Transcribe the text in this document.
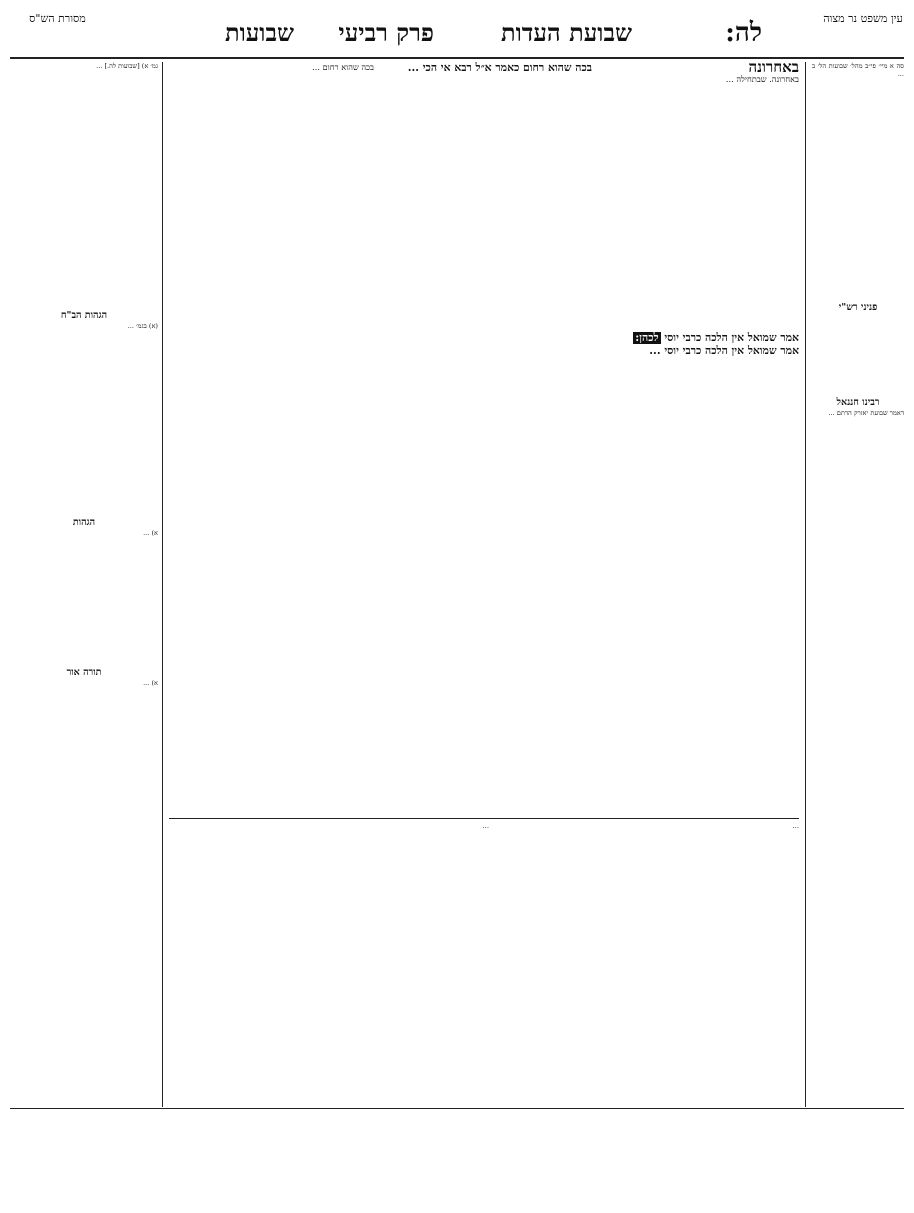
עין משפט נר מצוה
לה:
שבועת העדות
פרק רביעי
שבועות
מסורת הש"ס

סה א מיי׳ פי״ב מהל׳ שבועות הל׳ ב ...

פניני רש"י
רבינו חננאל

דאמר שבועת יאזרק הדתם ...

באחרונה

באחרונה. שבתחילה ...

בכה שהוא רחום כאמר א״ל רבא אי הכי ...

אמר שמואל אין הלכה כרבי יוסי לכהן:

אמר שמואל אין הלכה כרבי יוסי ...

בכה שהוא רחום ...

גמ׳ א) [שבועות לה.] ...

הגהות הב"ח

(א) בגמ׳ ...

הגהות

א) ...

תורה אור

א) ...

...

...
